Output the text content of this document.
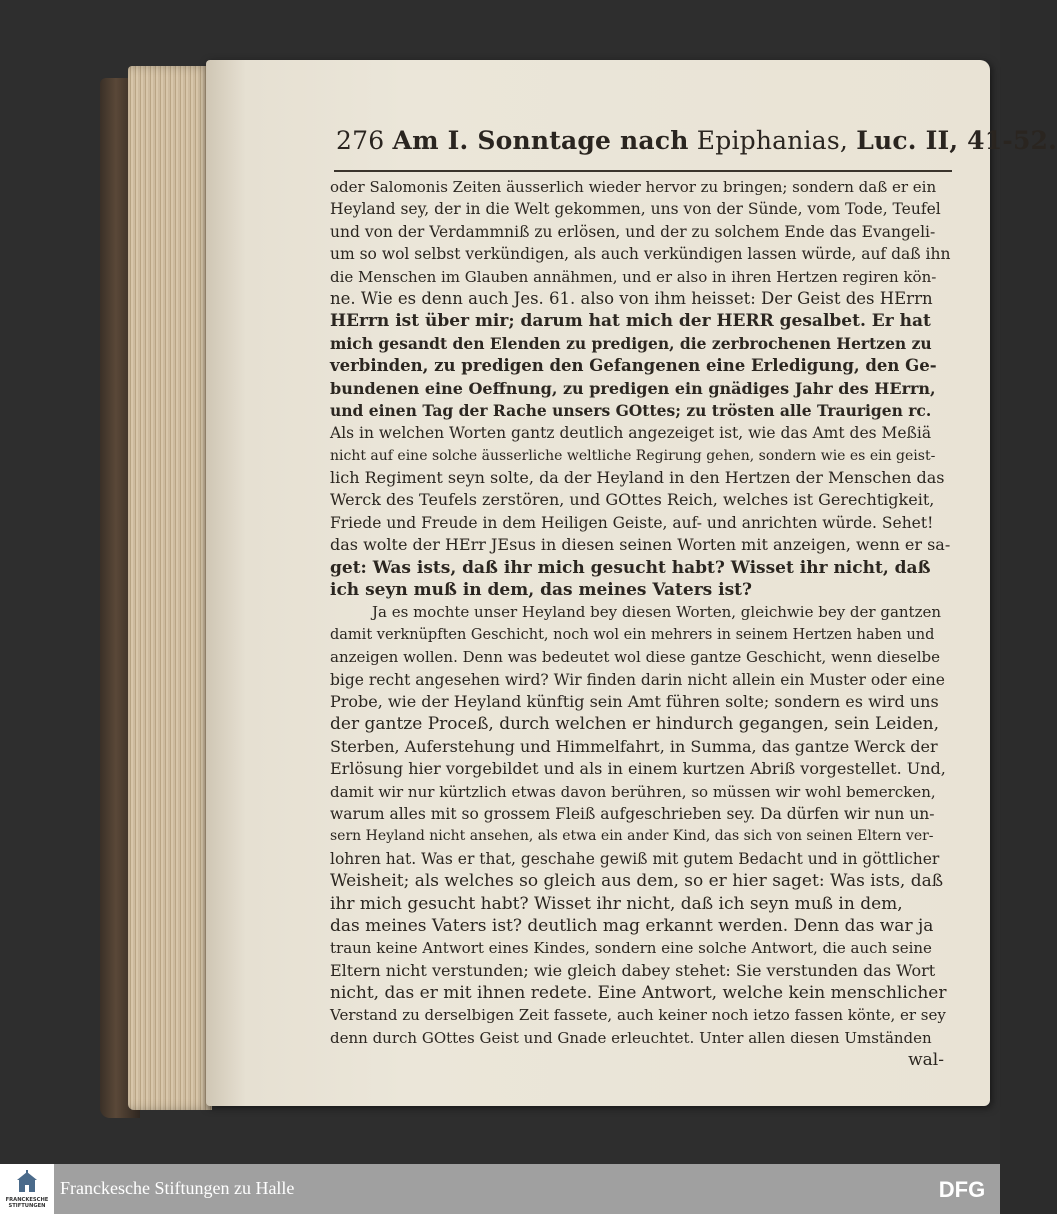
276 Am I. Sonntage nach Epiphanias, Luc. II, 41-52.
oder Salomonis Zeiten äusserlich wieder hervor zu bringen; sondern daß er ein
Heyland sey, der in die Welt gekommen, uns von der Sünde, vom Tode, Teufel
und von der Verdammniß zu erlösen, und der zu solchem Ende das Evangeli-
um so wol selbst verkündigen, als auch verkündigen lassen würde, auf daß ihn
die Menschen im Glauben annähmen, und er also in ihren Hertzen regiren kön-
ne. Wie es denn auch Jes. 61. also von ihm heisset: Der Geist des HErrn
HErrn ist über mir; darum hat mich der HERR gesalbet. Er hat
mich gesandt den Elenden zu predigen, die zerbrochenen Hertzen zu
verbinden, zu predigen den Gefangenen eine Erledigung, den Ge-
bundenen eine Oeffnung, zu predigen ein gnädiges Jahr des HErrn,
und einen Tag der Rache unsers GOttes; zu trösten alle Traurigen rc.
Als in welchen Worten gantz deutlich angezeiget ist, wie das Amt des Meßiä
nicht auf eine solche äusserliche weltliche Regirung gehen, sondern wie es ein geist-
lich Regiment seyn solte, da der Heyland in den Hertzen der Menschen das
Werck des Teufels zerstören, und GOttes Reich, welches ist Gerechtigkeit,
Friede und Freude in dem Heiligen Geiste, auf- und anrichten würde. Sehet!
das wolte der HErr JEsus in diesen seinen Worten mit anzeigen, wenn er sa-
get: Was ists, daß ihr mich gesucht habt? Wisset ihr nicht, daß
ich seyn muß in dem, das meines Vaters ist?
Ja es mochte unser Heyland bey diesen Worten, gleichwie bey der gantzen
damit verknüpften Geschicht, noch wol ein mehrers in seinem Hertzen haben und
anzeigen wollen. Denn was bedeutet wol diese gantze Geschicht, wenn dieselbe
bige recht angesehen wird? Wir finden darin nicht allein ein Muster oder eine
Probe, wie der Heyland künftig sein Amt führen solte; sondern es wird uns
der gantze Proceß, durch welchen er hindurch gegangen, sein Leiden,
Sterben, Auferstehung und Himmelfahrt, in Summa, das gantze Werck der
Erlösung hier vorgebildet und als in einem kurtzen Abriß vorgestellet. Und,
damit wir nur kürtzlich etwas davon berühren, so müssen wir wohl bemercken,
warum alles mit so grossem Fleiß aufgeschrieben sey. Da dürfen wir nun un-
sern Heyland nicht ansehen, als etwa ein ander Kind, das sich von seinen Eltern ver-
lohren hat. Was er that, geschahe gewiß mit gutem Bedacht und in göttlicher
Weisheit; als welches so gleich aus dem, so er hier saget: Was ists, daß
ihr mich gesucht habt? Wisset ihr nicht, daß ich seyn muß in dem,
das meines Vaters ist? deutlich mag erkannt werden. Denn das war ja
traun keine Antwort eines Kindes, sondern eine solche Antwort, die auch seine
Eltern nicht verstunden; wie gleich dabey stehet: Sie verstunden das Wort
nicht, das er mit ihnen redete. Eine Antwort, welche kein menschlicher
Verstand zu derselbigen Zeit fassete, auch keiner noch ietzo fassen könte, er sey
denn durch GOttes Geist und Gnade erleuchtet. Unter allen diesen Umständen
wal-
FRANCKESCHE STIFTUNGEN
Franckesche Stiftungen zu Halle	DFG
